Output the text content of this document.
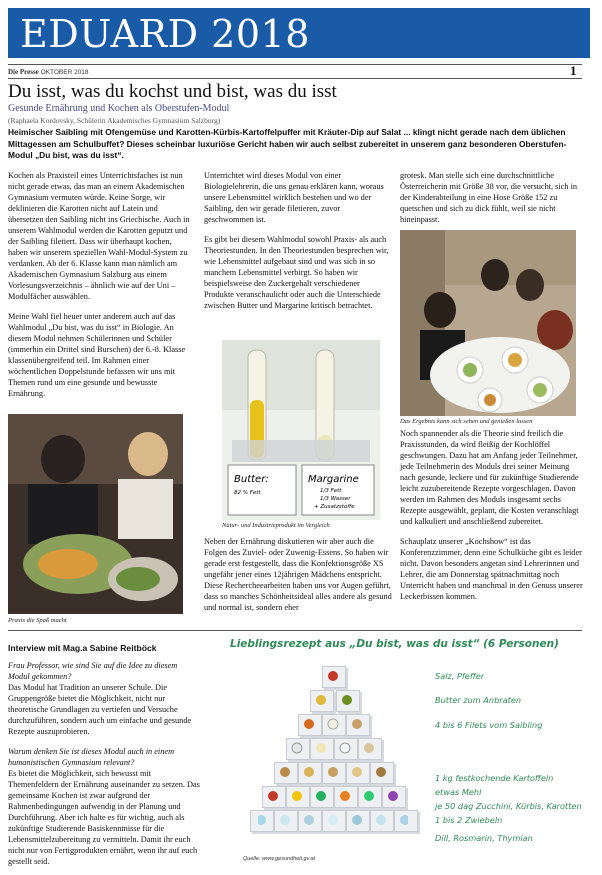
EDUARD 2018
Die Presse OKTOBER 2018	1
Du isst, was du kochst und bist, was du isst
Gesunde Ernährung und Kochen als Oberstufen-Modul
(Raphaela Kordovsky, Schülerin Akademisches Gymnasium Salzburg)
Heimischer Saibling mit Ofengemüse und Karotten-Kürbis-Kartoffelpuffer mit Kräuter-Dip auf Salat ... klingt nicht gerade nach dem üblichen Mittagessen am Schulbuffet? Dieses scheinbar luxuriöse Gericht haben wir auch selbst zubereitet in unserem ganz besonderen Oberstufen-Modul „Du bist, was du isst“.

Kochen als Praxisteil eines Unterrichtsfaches ist nun nicht gerade etwas, das man an einem Akademischen Gymnasium vermuten würde. Keine Sorge, wir deklinieren die Karotten nicht auf Latein und übersetzen den Saibling nicht ins Griechische. Auch in unserem Wahlmodul werden die Karotten geputzt und der Saibling filetiert. Dass wir überhaupt kochen, haben wir unserem speziellen Wahl-Modul-System zu verdanken. Ab der 6. Klasse kann man nämlich am Akademischen Gymnasium Salzburg aus einem Vorlesungsverzeichnis – ähnlich wie auf der Uni – Modulfächer auswählen.

Meine Wahl fiel heuer unter anderem auch auf das Wahlmodul „Du bist, was du isst“ in Biologie. An diesem Modul nehmen Schülerinnen und Schüler (immerhin ein Drittel sind Burschen) der 6.-8. Klasse klassenübergreifend teil. Im Rahmen einer wöchentlichen Doppelstunde befassen wir uns mit Themen rund um eine gesunde und bewusste Ernährung.

Praxis die Spaß macht

Unterrichtet wird dieses Modul von einer Biologielehrerin, die uns genau erklären kann, woraus unsere Lebensmittel wirklich bestehen und wo der Saibling, den wir gerade filetieren, zuvor geschwommen ist.

Es gibt bei diesem Wahlmodul sowohl Praxis- als auch Theoriestunden. In den Theoriestunden besprechen wir, wie Lebensmittel aufgebaut sind und was sich in so manchem Lebensmittel verbirgt. So haben wir beispielsweise den Zuckergehalt verschiedener Produkte veranschaulicht oder auch die Unterschiede zwischen Butter und Margarine kritisch betrachtet.

Butter:
82 % Fett
Margarine
1/3 Fett
1/3 Wasser
+ Zusatzstoffe
Natur- und Industrieprodukt im Vergleich

Neben der Ernährung diskutieren wir aber auch die Folgen des Zuviel- oder Zuwenig-Essens. So haben wir gerade erst festgestellt, dass die Konfektionsgröße XS ungefähr jener eines 12jährigen Mädchens entspricht. Diese Rechercheearbeiten haben uns vor Augen geführt, dass so manches Schönheitsideal alles andere als gesund und normal ist, sondern eher

grotesk. Man stelle sich eine durchschnittliche Österreicherin mit Größe 38 vor, die versucht, sich in der Kinderabteilung in eine Hose Größe 152 zu quetschen und sich zu dick fühlt, weil sie nicht hineinpasst.

Das Ergebnis kann sich sehen und genießen lassen

Noch spannender als die Theorie sind freilich die Praxisstunden, da wird fleißig der Kochlöffel geschwungen. Dazu hat am Anfang jeder Teilnehmer, jede Teilnehmerin des Moduls drei seiner Meinung nach gesunde, leckere und für zukünftige Studierende leicht zuzubereitende Rezepte vorgeschlagen. Davon werden im Rahmen des Moduls insgesamt sechs Rezepte ausgewählt, geplant, die Kosten veranschlagt und kalkuliert und anschließend zubereitet.

Schauplatz unserer „Kochshow“ ist das Konferenzzimmer, denn eine Schulküche gibt es leider nicht. Davon besonders angetan sind Lehrerinnen und Lehrer, die am Donnerstag spätnachmittag noch Unterricht haben und manchmal in den Genuss unserer Leckerbissen kommen.

Interview mit Mag.a Sabine Reitböck
Frau Professor, wie sind Sie auf die Idee zu diesem Modul gekommen?

Das Modul hat Tradition an unserer Schule. Die Gruppengröße bietet die Möglichkeit, nicht nur theoretische Grundlagen zu vertiefen und Versuche durchzuführen, sondern auch um einfache und gesunde Rezepte auszuprobieren.

Warum denken Sie ist dieses Modul auch in einem humanistischen Gymnasium relevant?
Es bietet die Möglichkeit, sich bewusst mit Themenfeldern der Ernährung auseinander zu setzen. Das gemeinsame Kochen ist zwar aufgrund der Rahmenbedingungen aufwendig in der Planung und Durchführung. Aber ich halte es für wichtig, auch als zukünftige Studierende Basiskenntnisse für die Lebensmittelzubereitung zu vermitteln. Damit ihr euch nicht nur von Fertigprodukten ernährt, wenn ihr auf euch gestellt seid.
Lieblingsrezept aus „Du bist, was du isst“ (6 Personen)
Quelle: www.gesundheit.gv.at
Salz, Pfeffer
Butter zum Anbraten
4 bis 6 Filets vom Saibling
1 kg festkochende Kartoffeln
etwas Mehl
je 50 dag Zucchini, Kürbis, Karotten
1 bis 2 Zwiebeln
Dill, Rosmarin, Thymian
